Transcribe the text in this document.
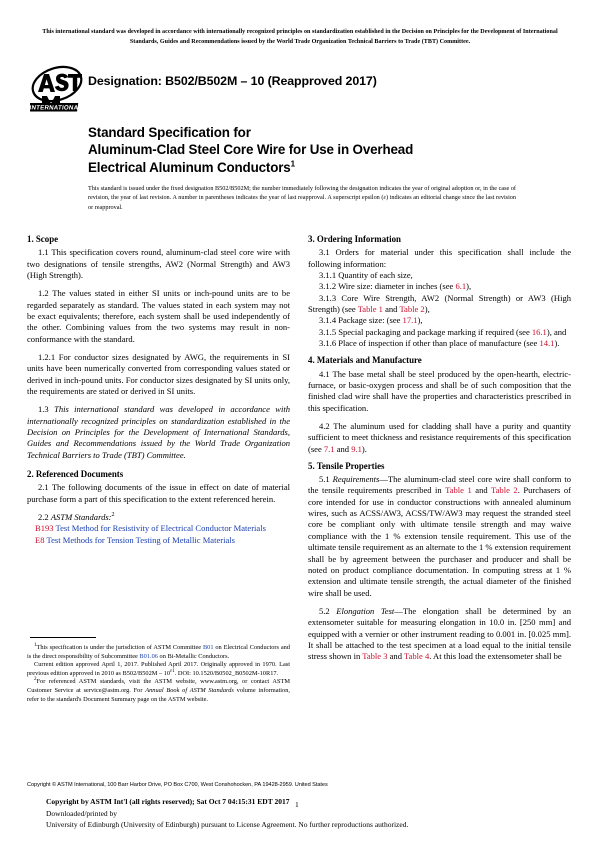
This international standard was developed in accordance with internationally recognized principles on standardization established in the Decision on Principles for the Development of International Standards, Guides and Recommendations issued by the World Trade Organization Technical Barriers to Trade (TBT) Committee.
INTERNATIONAL
Designation: B502/B502M – 10 (Reapproved 2017)
Standard Specification for
Aluminum-Clad Steel Core Wire for Use in Overhead
Electrical Aluminum Conductors$^1$
This standard is issued under the fixed designation B502/B502M; the number immediately following the designation indicates the year of original adoption or, in the case of revision, the year of last revision. A number in parentheses indicates the year of last reapproval. A superscript epsilon (ε) indicates an editorial change since the last revision or reapproval.
1. Scope

1.1 This specification covers round, aluminum-clad steel core wire with two designations of tensile strengths, AW2 (Normal Strength) and AW3 (High Strength).

1.2 The values stated in either SI units or inch-pound units are to be regarded separately as standard. The values stated in each system may not be exact equivalents; therefore, each system shall be used independently of the other. Combining values from the two systems may result in non-conformance with the standard.

1.2.1 For conductor sizes designated by AWG, the requirements in SI units have been numerically converted from corresponding values stated or derived in inch-pound units. For conductor sizes designated by SI units only, the requirements are stated or derived in SI units.

1.3 This international standard was developed in accordance with internationally recognized principles on standardization established in the Decision on Principles for the Development of International Standards, Guides and Recommendations issued by the World Trade Organization Technical Barriers to Trade (TBT) Committee.

2. Referenced Documents

2.1 The following documents of the issue in effect on date of material purchase form a part of this specification to the extent referenced herein.

2.2 ASTM Standards:$^2$

B193 Test Method for Resistivity of Electrical Conductor Materials

E8 Test Methods for Tension Testing of Metallic Materials

3. Ordering Information

3.1 Orders for material under this specification shall include the following information:

3.1.1 Quantity of each size,

3.1.2 Wire size: diameter in inches (see 6.1),

3.1.3 Core Wire Strength, AW2 (Normal Strength) or AW3 (High Strength) (see Table 1 and Table 2),

3.1.4 Package size: (see 17.1),

3.1.5 Special packaging and package marking if required (see 16.1), and

3.1.6 Place of inspection if other than place of manufacture (see 14.1).

4. Materials and Manufacture

4.1 The base metal shall be steel produced by the open-hearth, electric-furnace, or basic-oxygen process and shall be of such composition that the finished clad wire shall have the properties and characteristics prescribed in this specification.

4.2 The aluminum used for cladding shall have a purity and quantity sufficient to meet thickness and resistance requirements of this specification (see 7.1 and 9.1).

5. Tensile Properties

5.1 Requirements—The aluminum-clad steel core wire shall conform to the tensile requirements prescribed in Table 1 and Table 2. Purchasers of core intended for use in conductor constructions with annealed aluminum wires, such as ACSS/AW3, ACSS/TW/AW3 may request the stranded steel core be compliant only with ultimate tensile strength and may waive compliance with the 1 % extension tensile requirement. This use of the ultimate tensile requirement as an alternate to the 1 % extension requirement shall be by agreement between the purchaser and producer and shall be noted on product compliance documentation. In computing stress at 1 % extension and ultimate tensile strength, the actual diameter of the finished wire shall be used.

5.2 Elongation Test—The elongation shall be determined by an extensometer suitable for measuring elongation in 10.0 in. [250 mm] and equipped with a vernier or other instrument reading to 0.001 in. [0.025 mm]. It shall be attached to the test specimen at a load equal to the initial tensile stress shown in Table 3 and Table 4. At this load the extensometer shall be

$^1$This specification is under the jurisdiction of ASTM Committee B01 on Electrical Conductors and is the direct responsibility of Subcommittee B01.06 on Bi-Metallic Conductors.

Current edition approved April 1, 2017. Published April 2017. Originally approved in 1970. Last previous edition approved in 2010 as B502/B502M – 10$^{\varepsilon 1}$. DOI: 10.1520/B0502_B0502M-10R17.

$^2$For referenced ASTM standards, visit the ASTM website, www.astm.org, or contact ASTM Customer Service at service@astm.org. For Annual Book of ASTM Standards volume information, refer to the standard's Document Summary page on the ASTM website.

Copyright © ASTM International, 100 Barr Harbor Drive, PO Box C700, West Conshohocken, PA 19428-2959. United States
Copyright by ASTM Int'l (all rights reserved); Sat Oct 7 04:15:31 EDT 2017
Downloaded/printed by
University of Edinburgh (University of Edinburgh) pursuant to License Agreement. No further reproductions authorized.
1
